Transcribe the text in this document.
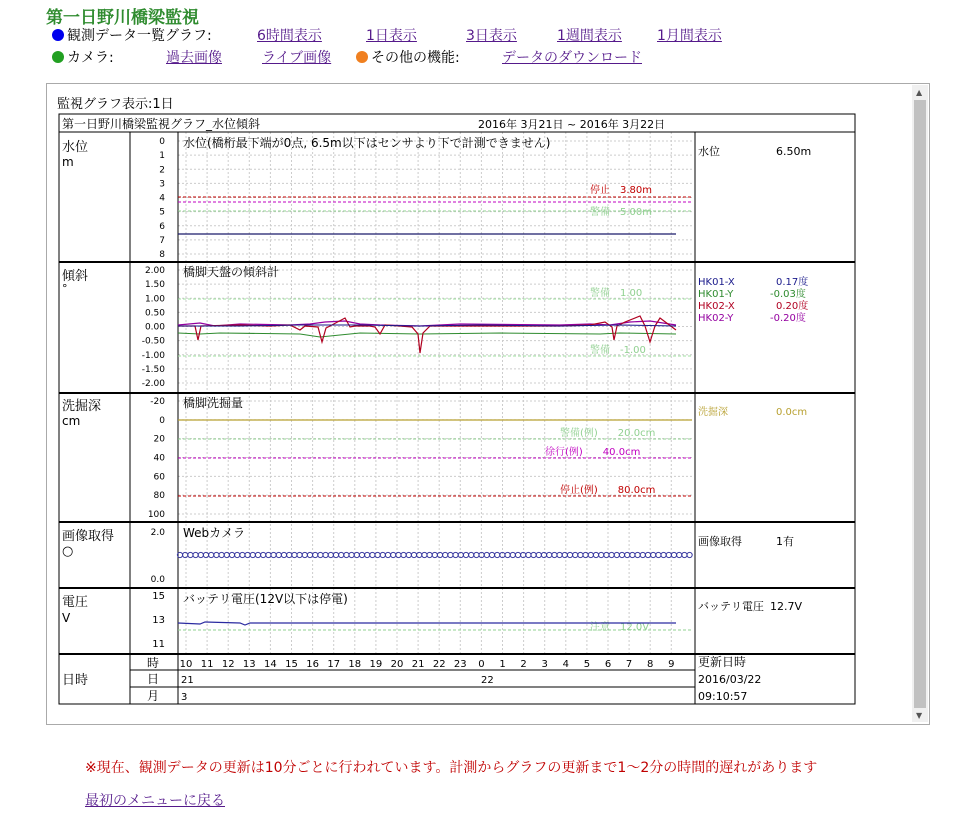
第一日野川橋梁監視
観測データ一覧グラフ:	6時間表示	1日表示	3日表示	1週間表示	1月間表示
カメラ:	過去画像	ライブ画像	その他の機能:	データのダウンロード
▲
▼
監視グラフ表示:1日
第一日野川橋梁監視グラフ_水位傾斜	2016年 3月21日 ~ 2016年 3月22日
水位
m
水位(橋桁最下端が0点, 6.5m以下はセンサより下で計測できません)
0
1
2
3
4
5
6
7
8
停止　3.80m
警備　5.00m
水位	6.50m
傾斜
°
橋脚天盤の傾斜計
2.00
1.50
1.00
0.50
0.00
-0.50
-1.00
-1.50
-2.00
警備　1.00
警備　-1.00
HK01-X	0.17度
HK01-Y	-0.03度
HK02-X	0.20度
HK02-Y	-0.20度
洗掘深
cm
橋脚洗掘量
-20
0
20
40
60
80
100
警備(例)　　20.0cm
徐行(例)　　40.0cm
停止(例)　　80.0cm
洗掘深	0.0cm
画像取得
○
2.0
0.0
Webカメラ
画像取得	1有
電圧
V
バッテリ電圧(12V以下は停電)
15
13
11
注意　12.0V
バッテリ電圧 12.7V
日時
時
日
月
10 11 12 13 14 15 16 17 18 19 20 21 22 23 0 1 2 3 4 5 6 7 8 9
21	22
3
更新日時
2016/03/22
09:10:57
※現在、観測データの更新は10分ごとに行われています。計測からグラフの更新まで1〜2分の時間的遅れがあります
最初のメニューに戻る
